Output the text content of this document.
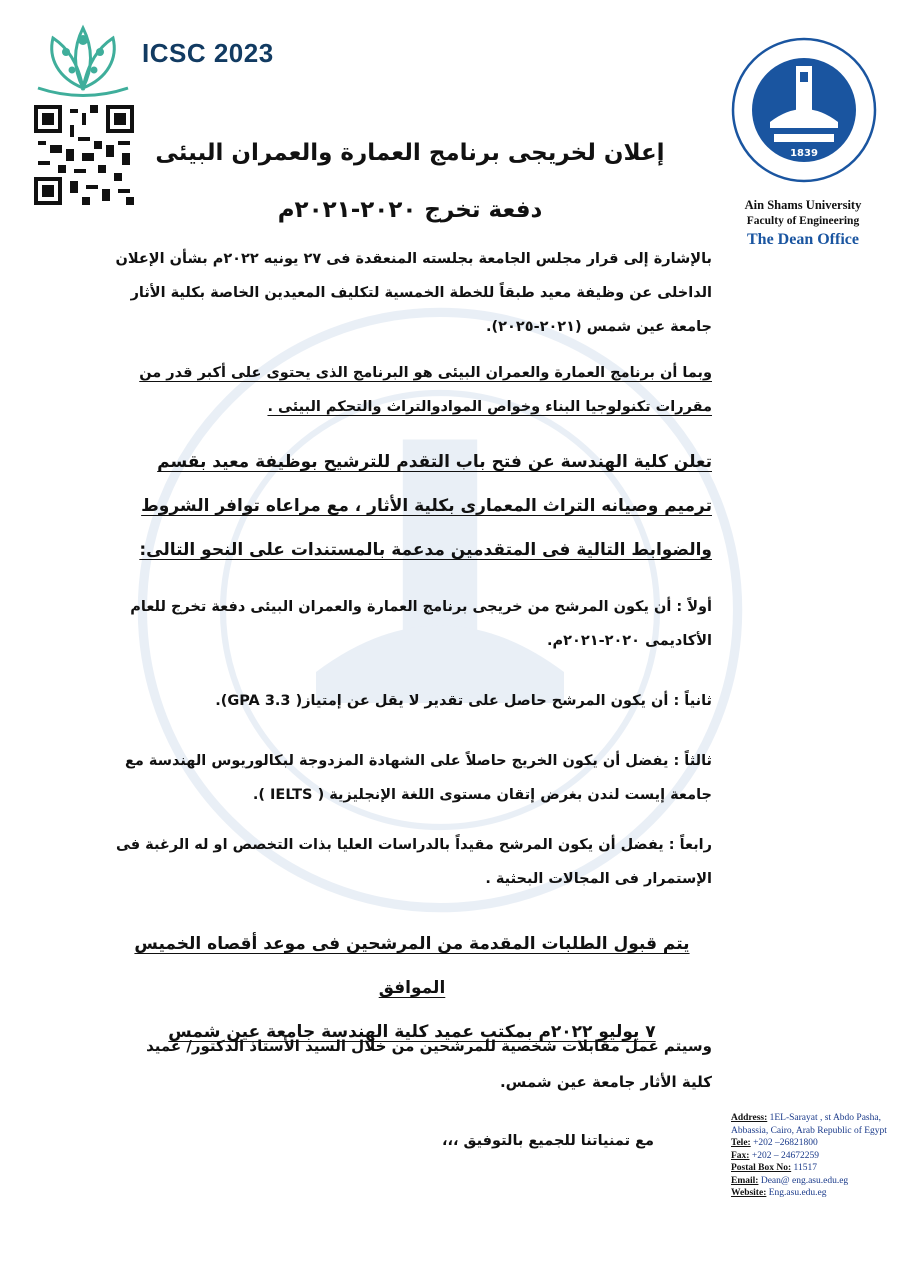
ICSC 2023
1839
Ain Shams University
Faculty of Engineering
The Dean Office
إعلان لخريجى برنامج العمارة والعمران البيئى
دفعة تخرج ٢٠٢٠-٢٠٢١م
بالإشارة إلى قرار مجلس الجامعة بجلسته المنعقدة فى ٢٧ يونيه ٢٠٢٢م بشأن الإعلان الداخلى عن وظيفة معيد طبقاً للخطة الخمسية لتكليف المعيدين الخاصة بكلية الأثار جامعة عين شمس (٢٠٢١-٢٠٢٥).
وبما أن برنامج العمارة والعمران البيئى هو البرنامج الذى يحتوى على أكبر قدر من مقررات تكنولوجيا البناء وخواص الموادوالتراث والتحكم البيئى .
تعلن كلية الهندسة عن فتح باب التقدم للترشيح بوظيفة معيد بقسم ترميم وصيانه التراث المعمارى بكلية الأثار ، مع مراعاه توافر الشروط والضوابط التالية فى المتقدمين مدعمة بالمستندات على النحو التالى:
أولاً : أن يكون المرشح من خريجى برنامج العمارة والعمران البيئى دفعة تخرج للعام الأكاديمى ٢٠٢٠-٢٠٢١م.
ثانياً : أن يكون المرشح حاصل على تقدير لا يقل عن إمتياز( GPA 3.3).
ثالثاً : يفضل أن يكون الخريج حاصلاً على الشهادة المزدوجة لبكالوريوس الهندسة مع جامعة إيست لندن بغرض إتقان مستوى اللغة الإنجليزية ( IELTS ).
رابعاً : يفضل أن يكون المرشح مقيداً بالدراسات العليا بذات التخصص او له الرغبة فى الإستمرار فى المجالات البحثية .
يتم قبول الطلبات المقدمة من المرشحين فى موعد أقصاه الخميس الموافق
٧ يوليو ٢٠٢٢م بمكتب عميد كلية الهندسة جامعة عين شمس
وسيتم عمل مقابلات شخصية للمرشحين من خلال السيد الأستاذ الدكتور/ عميد كلية الأثار جامعة عين شمس.
مع تمنياتنا للجميع بالتوفيق ،،،
Address: 1EL-Sarayat , st Abdo Pasha, Abbassia, Cairo, Arab Republic of Egypt
Tele: +202 –26821800
Fax: +202 – 24672259
Postal Box No: 11517
Email: Dean@ eng.asu.edu.eg
Website: Eng.asu.edu.eg
